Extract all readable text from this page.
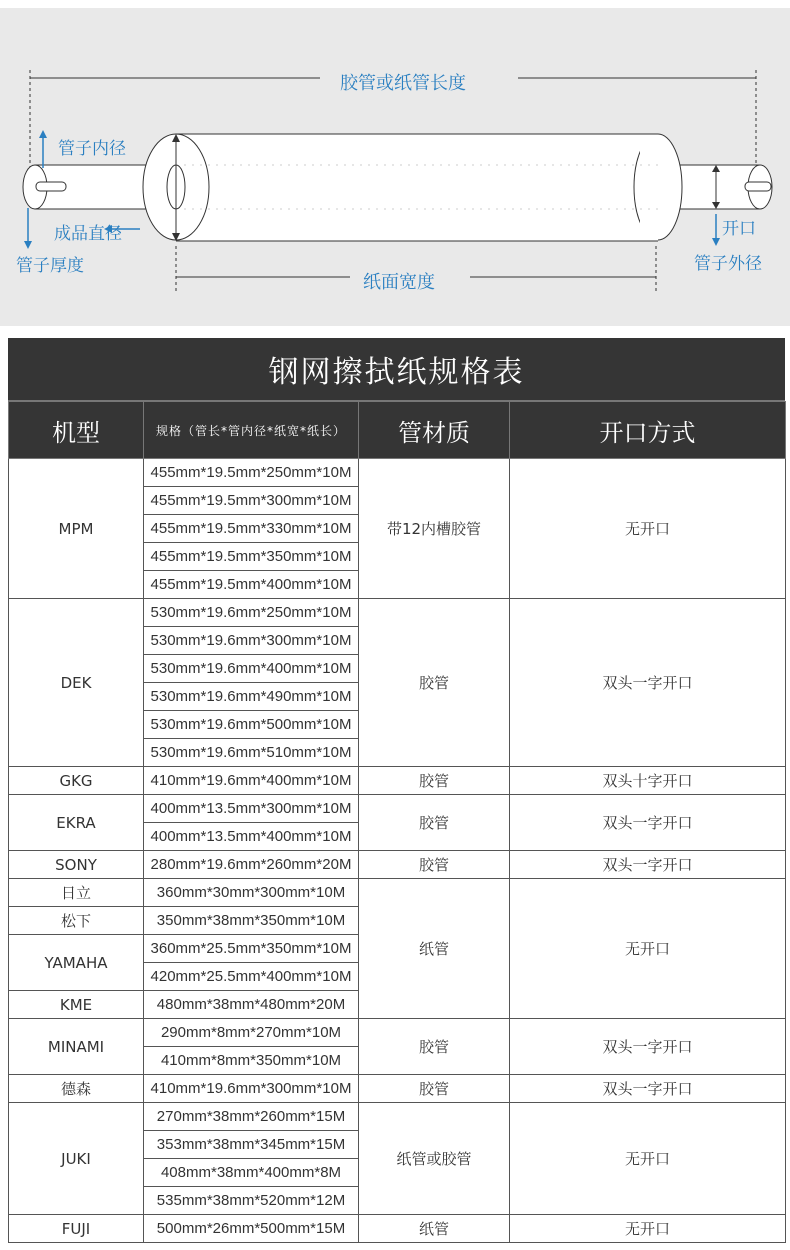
胶管或纸管长度
管子内径
成品直径
管子厚度
纸面宽度
开口
管子外径
钢网擦拭纸规格表
机型	规格（管长*管内径*纸宽*纸长）	管材质	开口方式
MPM	455mm*19.5mm*250mm*10M	带12内槽胶管	无开口
	455mm*19.5mm*300mm*10M		
	455mm*19.5mm*330mm*10M		
	455mm*19.5mm*350mm*10M		
	455mm*19.5mm*400mm*10M		
DEK	530mm*19.6mm*250mm*10M	胶管	双头一字开口
	530mm*19.6mm*300mm*10M		
	530mm*19.6mm*400mm*10M		
	530mm*19.6mm*490mm*10M		
	530mm*19.6mm*500mm*10M		
	530mm*19.6mm*510mm*10M		
GKG	410mm*19.6mm*400mm*10M	胶管	双头十字开口
EKRA	400mm*13.5mm*300mm*10M	胶管	双头一字开口
	400mm*13.5mm*400mm*10M		
SONY	280mm*19.6mm*260mm*20M	胶管	双头一字开口
日立	360mm*30mm*300mm*10M	纸管	无开口
松下	350mm*38mm*350mm*10M		
YAMAHA	360mm*25.5mm*350mm*10M		
	420mm*25.5mm*400mm*10M		
KME	480mm*38mm*480mm*20M		
MINAMI	290mm*8mm*270mm*10M	胶管	双头一字开口
	410mm*8mm*350mm*10M		
德森	410mm*19.6mm*300mm*10M	胶管	双头一字开口
JUKI	270mm*38mm*260mm*15M	纸管或胶管	无开口
	353mm*38mm*345mm*15M		
	408mm*38mm*400mm*8M		
	535mm*38mm*520mm*12M		
FUJI	500mm*26mm*500mm*15M	纸管	无开口
